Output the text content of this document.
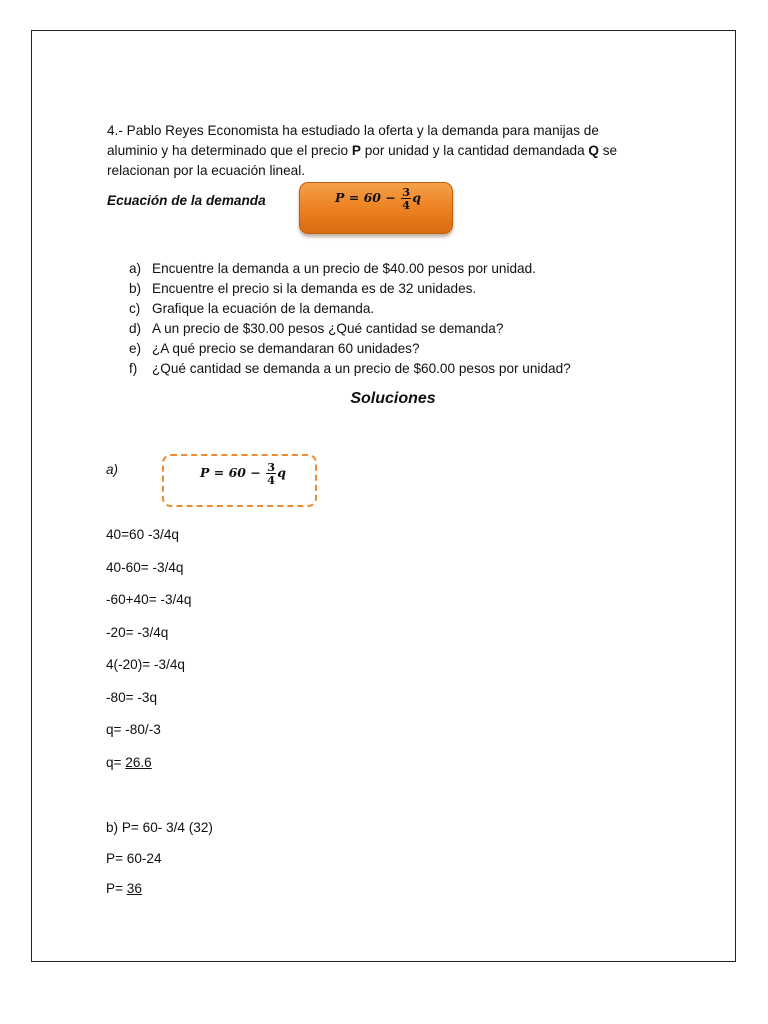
4.- Pablo Reyes Economista ha estudiado la oferta y la demanda para manijas de
aluminio y ha determinado que el precio P por unidad y la cantidad demandada Q se
relacionan por la ecuación lineal.
Ecuación de la demanda	$P = 60 - \frac{3}{4}$ q
a) Encuentre la demanda a un precio de $40.00 pesos por unidad.
b) Encuentre el precio si la demanda es de 32 unidades.
c) Grafique la ecuación de la demanda.
d) A un precio de $30.00 pesos ¿Qué cantidad se demanda?
e) ¿A qué precio se demandaran 60 unidades?
f) ¿Qué cantidad se demanda a un precio de $60.00 pesos por unidad?
Soluciones
a)	$P = 60 - \frac{3}{4}$ q
40=60 -3/4q
40-60= -3/4q
-60+40= -3/4q
-20= -3/4q
4(-20)= -3/4q
-80= -3q
q= -80/-3
q= 26.6
b) P= 60- 3/4 (32)
P= 60-24
P= 36
